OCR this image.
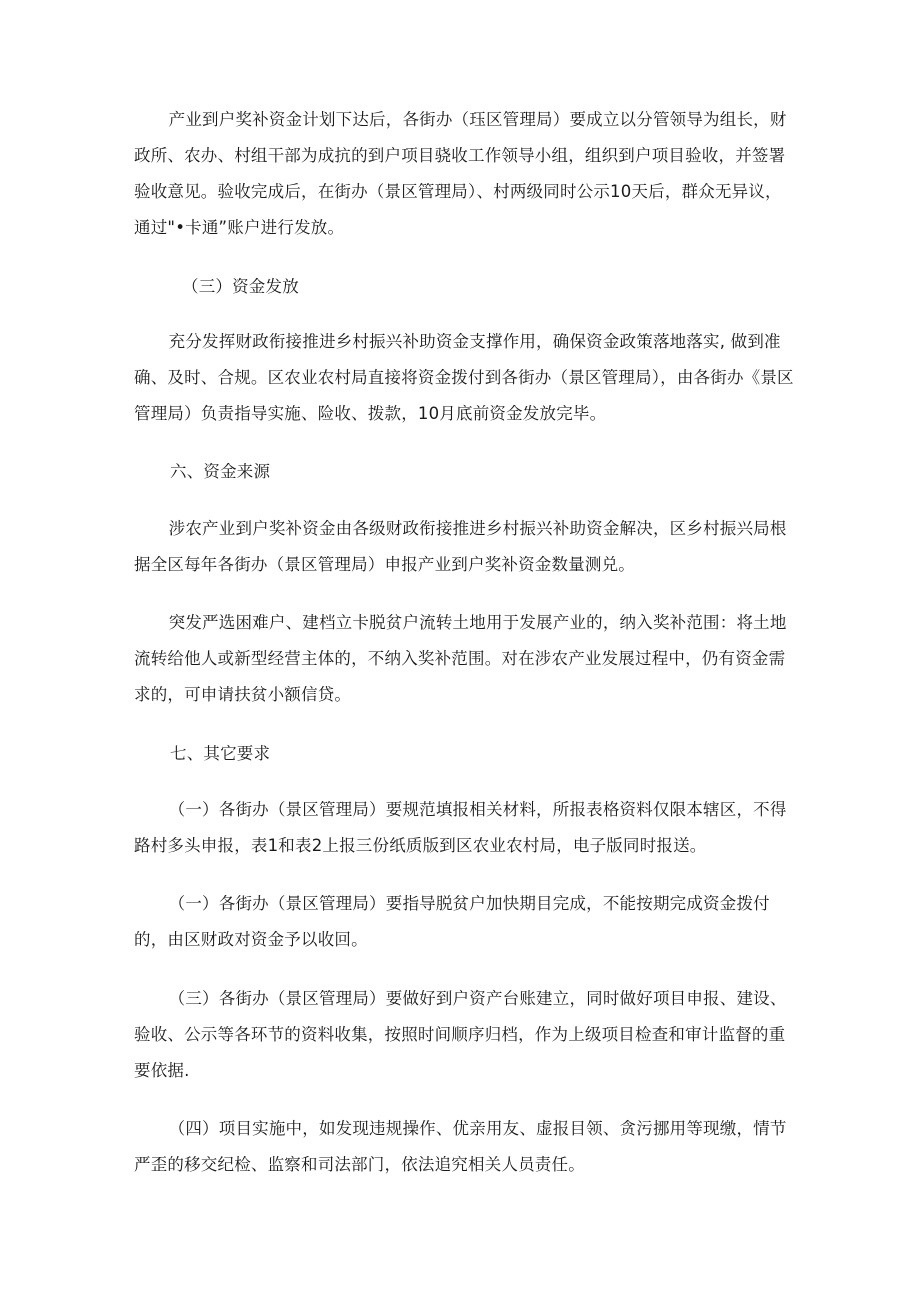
产业到户奖补资金计划下达后，各街办（珏区管理局）要成立以分管领导为组长，财政所、农办、村组干部为成抗的到户项目骁收工作领导小组，组织到户项目验收，并签署验收意见。验收完成后，在街办（景区管理局）、村两级同时公示10天后，群众无异议，通过"•卡通”账户进行发放。

（三）资金发放

充分发挥财政衔接推进乡村振兴补助资金支撑作用，确保资金政策落地落实, 做到准确、及时、合规。区农业农村局直接将资金拨付到各街办（景区管理局），由各街办《景区管理局）负责指导实施、险收、拨款，10月底前资金发放完毕。

六、资金来源

涉农产业到户奖补资金由各级财政衔接推进乡村振兴补助资金解决，区乡村振兴局根据全区每年各街办（景区管理局）申报产业到户奖补资金数量测兑。

突发严选困难户、建档立卡脱贫户流转土地用于发展产业的，纳入奖补范围：将土地流转给他人或新型经营主体的，不纳入奖补范围。对在涉农产业发展过程中，仍有资金需求的，可申请扶贫小额信贷。

七、其它要求

（一）各街办（景区管理局）要规范填报相关材料，所报表格资料仅限本辖区，不得路村多头申报，表1和表2上报三份纸质版到区农业农村局，电子版同时报送。

（一）各街办（景区管理局）要指导脱贫户加快期目完成，不能按期完成资金拨付的，由区财政对资金予以收回。

（三）各街办（景区管理局）要做好到户资产台账建立，同时做好项目申报、建设、验收、公示等各环节的资料收集，按照时间顺序归档，作为上级项目检查和审计监督的重要依据.

（四）项目实施中，如发现违规操作、优亲用友、虚报目领、贪污挪用等现缴，情节严歪的移交纪检、监察和司法部门，依法追究相关人员责任。
